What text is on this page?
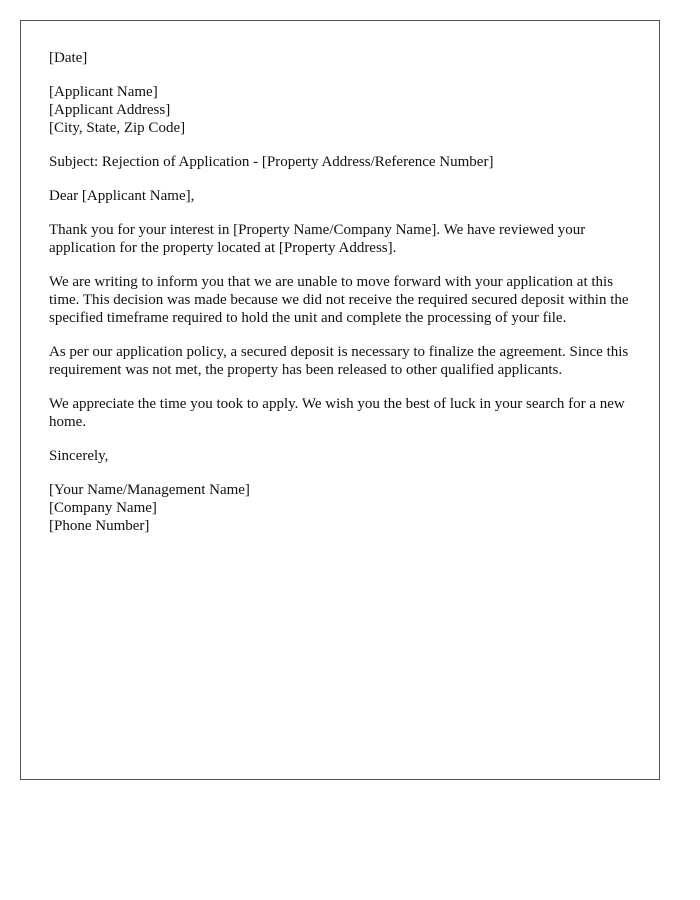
[Date]

[Applicant Name]
[Applicant Address]
[City, State, Zip Code]

Subject: Rejection of Application - [Property Address/Reference Number]

Dear [Applicant Name],

Thank you for your interest in [Property Name/Company Name]. We have reviewed your application for the property located at [Property Address].

We are writing to inform you that we are unable to move forward with your application at this time. This decision was made because we did not receive the required secured deposit within the specified timeframe required to hold the unit and complete the processing of your file.

As per our application policy, a secured deposit is necessary to finalize the agreement. Since this requirement was not met, the property has been released to other qualified applicants.

We appreciate the time you took to apply. We wish you the best of luck in your search for a new home.

Sincerely,

[Your Name/Management Name]
[Company Name]
[Phone Number]
